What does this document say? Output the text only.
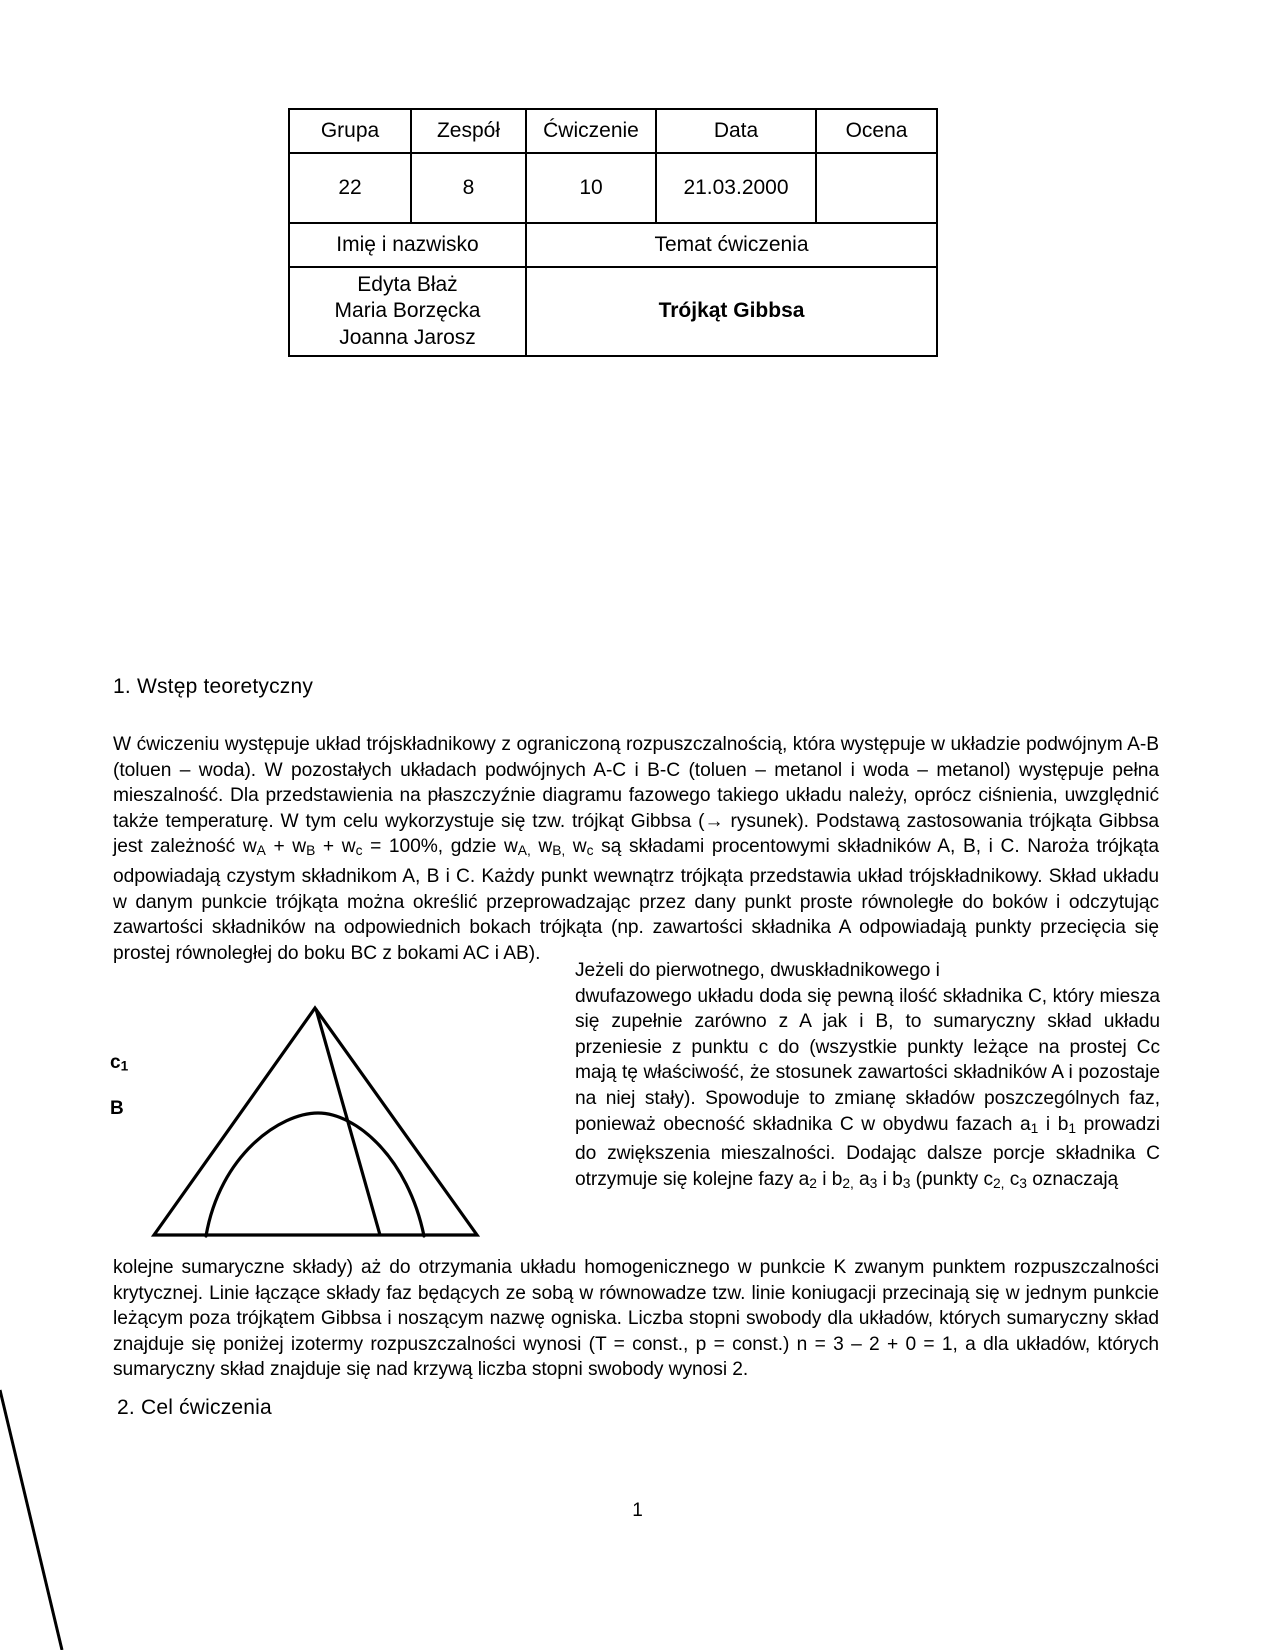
Grupa	Zespół	Ćwiczenie	Data	Ocena
22	8	10	21.03.2000	
Imię i nazwisko		Temat ćwiczenia		

Edyta Błaż
Maria Borzęcka
Joanna Jarosz		Trójkąt Gibbsa		
1. Wstęp teoretyczny
W ćwiczeniu występuje układ trójskładnikowy z ograniczoną rozpuszczalnością, która występuje w układzie podwójnym A-B (toluen – woda). W pozostałych układach podwójnych A-C i B-C (toluen – metanol i woda – metanol) występuje pełna mieszalność. Dla przedstawienia na płaszczyźnie diagramu fazowego takiego układu należy, oprócz ciśnienia, uwzględnić także temperaturę. W tym celu wykorzystuje się tzw. trójkąt Gibbsa (→ rysunek). Podstawą zastosowania trójkąta Gibbsa jest zależność $w_A + w_B + w_c = 100\%$, gdzie $w_{A,}$ $w_{B,}$ $w_c$ są składami procentowymi składników A, B, i C. Naroża trójkąta odpowiadają czystym składnikom A, B i C. Każdy punkt wewnątrz trójkąta przedstawia układ trójskładnikowy. Skład układu w danym punkcie trójkąta można określić przeprowadzając przez dany punkt proste równoległe do boków i odczytując zawartości składników na odpowiednich bokach trójkąta (np. zawartości składnika A odpowiadają punkty przecięcia się prostej równoległej do boku BC z bokami AC i AB).
$c_1$
B
Jeżeli do pierwotnego, dwuskładnikowego i
dwufazowego układu doda się pewną ilość składnika C, który miesza się zupełnie zarówno z A jak i B, to sumaryczny skład układu przeniesie z punktu c do (wszystkie punkty leżące na prostej Cc mają tę właściwość, że stosunek zawartości składników A i pozostaje na niej stały). Spowoduje to zmianę składów poszczególnych faz, ponieważ obecność składnika C w obydwu fazach $a_1$ i $b_1$ prowadzi do zwiększenia mieszalności. Dodając dalsze porcje składnika C otrzymuje się kolejne fazy $a_2$ i $b_{2,}$ $a_3$ i $b_3$ (punkty $c_{2,}$ $c_3$ oznaczają
kolejne sumaryczne składy) aż do otrzymania układu homogenicznego w punkcie K zwanym punktem rozpuszczalności krytycznej. Linie łączące składy faz będących ze sobą w równowadze tzw. linie koniugacji przecinają się w jednym punkcie leżącym poza trójkątem Gibbsa i noszącym nazwę ogniska. Liczba stopni swobody dla układów, których sumaryczny skład znajduje się poniżej izotermy rozpuszczalności wynosi (T = const., p = const.) n = 3 – 2 + 0 = 1, a dla układów, których sumaryczny skład znajduje się nad krzywą liczba stopni swobody wynosi 2.
2. Cel ćwiczenia
1
